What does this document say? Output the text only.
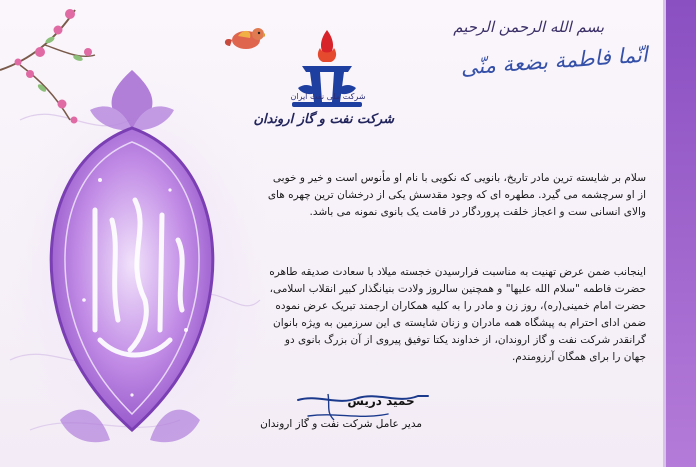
بسم الله الرحمن الرحیم
انّما فاطمة بضعة منّی
شرکت ملی نفت ایران
شرکت نفت و گاز اروندان
سلام بر شایسته ترین مادر تاریخ، بانویی که نکویی با نام او مأنوس است و خیر و خوبی از او سرچشمه می گیرد. مطهره ای که وجود مقدسش یکی از درخشان ترین چهره های والای انسانی ست و اعجاز خلقت پروردگار در قامت یک بانوی نمونه می باشد.
اینجانب ضمن عرض تهنیت به مناسبت فرارسیدن خجسته میلاد با سعادت صدیقه طاهره حضرت فاطمه "سلام الله علیها" و همچنین سالروز ولادت بنیانگذار کبیر انقلاب اسلامی، حضرت امام خمینی(ره)، روز زن و مادر را به کلیه همکاران ارجمند تبریک عرض نموده ضمن ادای احترام به پیشگاه همه مادران و زنان شایسته ی این سرزمین به ویژه بانوان گرانقدر شرکت نفت و گاز اروندان، از خداوند یکتا توفیق پیروی از آن بزرگ بانوی دو جهان را برای همگان آرزومندم.
حمید دریس
مدیر عامل شرکت نفت و گاز اروندان
